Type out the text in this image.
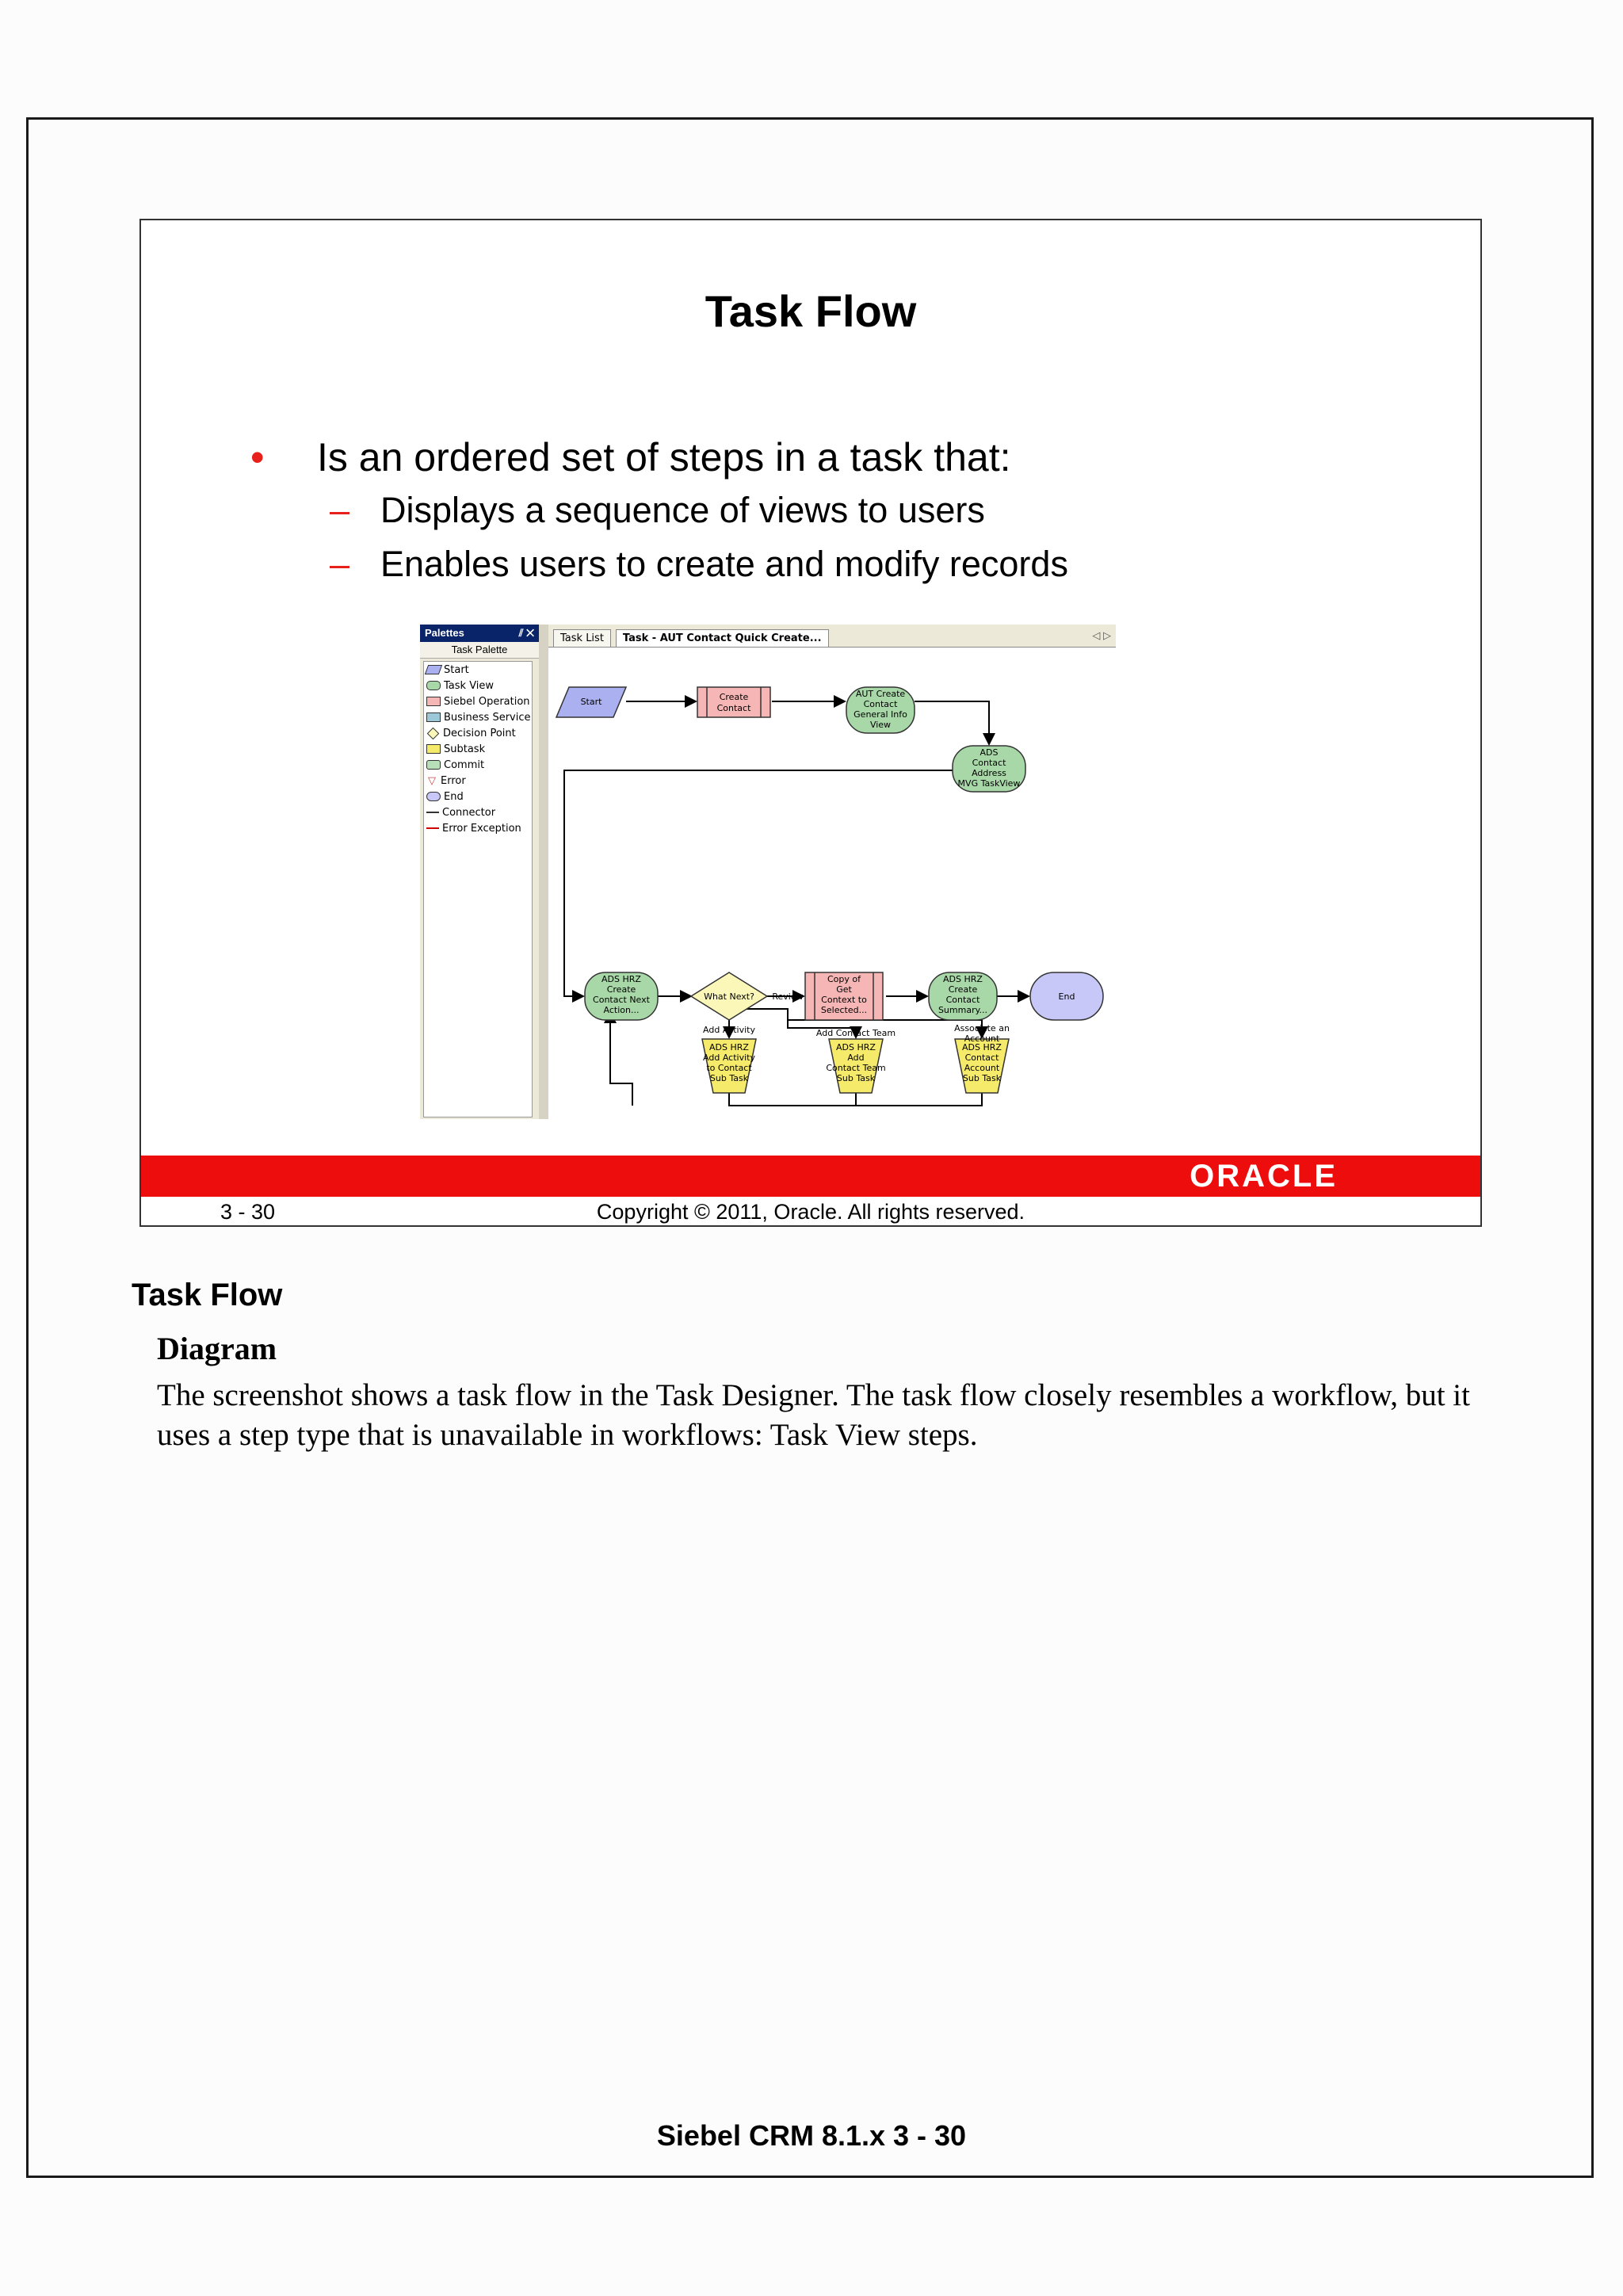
Task Flow
•	Is an ordered set of steps in a task that:
– Displays a sequence of views to users
– Enables users to create and modify records
Palettes	⫽ ✕
Task Palette
Start
Task View
Siebel Operation
Business Service
Decision Point
Subtask
Commit
▽ Error
End
Connector
Error Exception
Task List	Task - AUT Contact Quick Create...	◁ ▷
Start	Create
Contact
AUT Create
Contact
General Info
View
ADS
Contact
Address
MVG TaskView
ADS HRZ
Create
Contact Next
Action...
What Next?
Copy of
Get
Context to
Selected...
ADS HRZ
Create
Contact
Summary...
End
ADS HRZ
Add Activity
to Contact
Sub Task
ADS HRZ
Add
Contact Team
Sub Task
ADS HRZ
Contact
Account
Sub Task
Review
Add Activity	Add Contact Team	Associate an
Account
ORACLE
3 - 30	Copyright © 2011, Oracle. All rights reserved.
Task Flow
Diagram
The screenshot shows a task flow in the Task Designer. The task flow closely resembles a workflow, but it uses a step type that is unavailable in workflows: Task View steps.
Siebel CRM 8.1.x 3 - 30
